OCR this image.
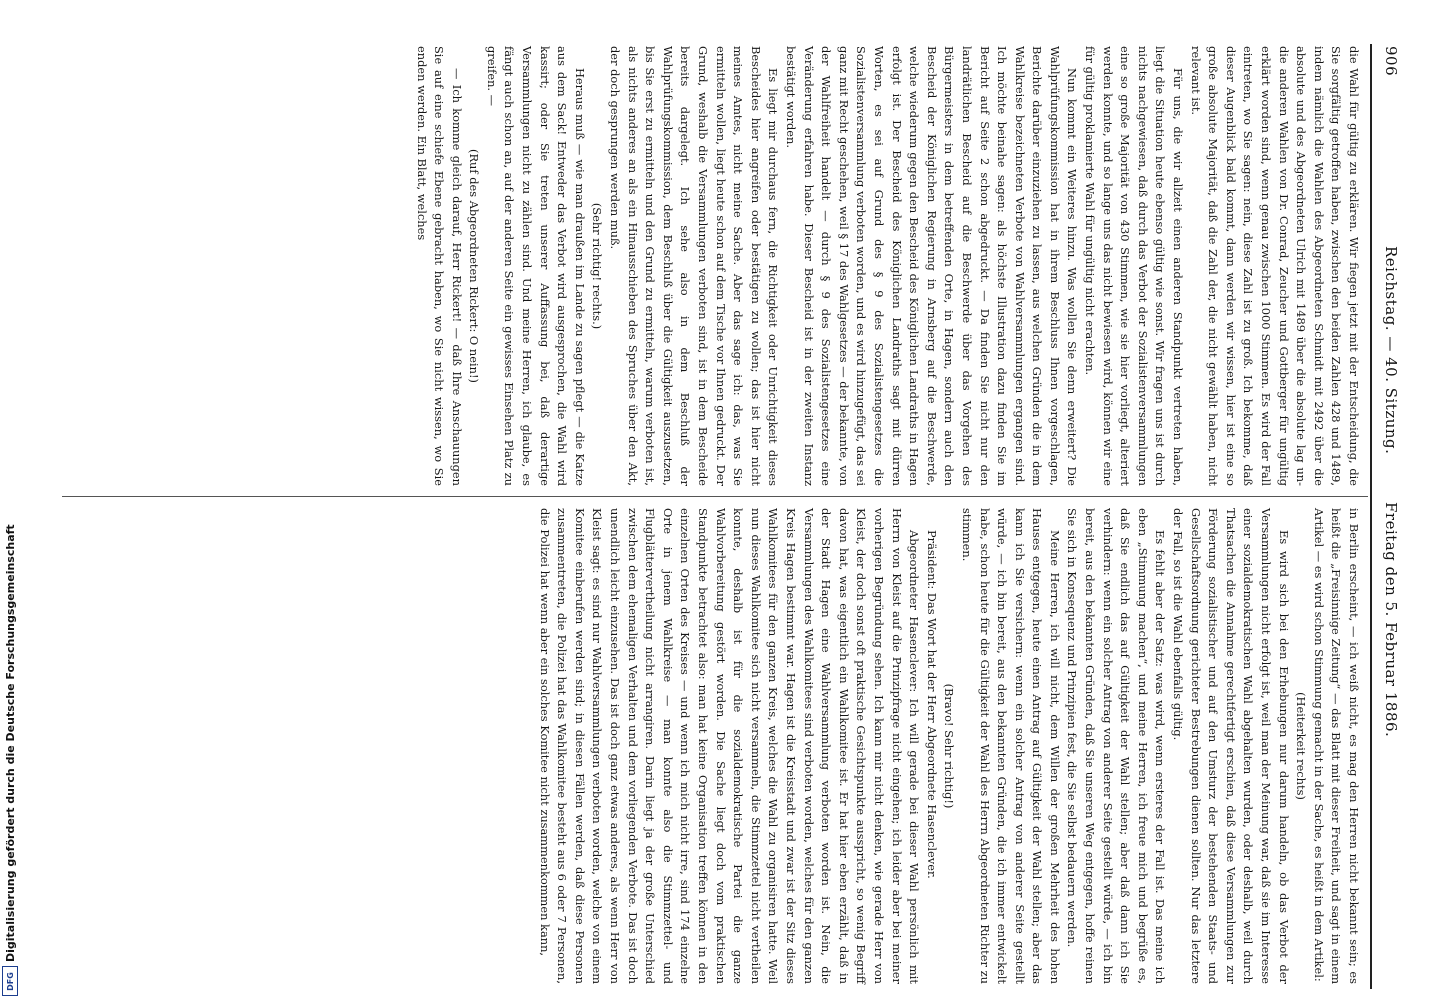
906
Reichstag. — 40. Sitzung.
Freitag den 5. Februar 1886.

die Wahl für gültig zu erklären. Wir fiegen jetzt mit der Entscheidung, die Sie sorgfältig getroffen haben, zwischen den beiden Zahlen 428 und 1489, indem nämlich die Wahlen des Abgeordneten Schmidt mit 2492 über die absolute und des Abgeordneten Ulrich mit 1489 über die absolute lag un- die anderen Wahlen von Dr. Conrad, Zeucher und Gottberger für ungültig erklärt worden sind, wenn genau zwischen 1000 Stimmen. Es wird der Fall eintreten, wo Sie sagen: nein, diese Zahl ist zu groß. Ich bekomme, daß dieser Augenblick bald kommt, dann werden wir wissen, hier ist eine so große absolute Majorität, daß die Zahl der, die nicht gewählt haben, nicht relevant ist.

Für uns, die wir allzeit einen anderen Standpunkt vertreten haben, liegt die Situation heute ebenso gültig wie sonst. Wir fragen uns ist durch nichts nachgewiesen, daß durch das Verbot der Sozialistenversammlungen eine so große Majorität von 430 Stimmen, wie sie hier vorliegt, alteriert werden konnte, und so lange uns das nicht bewiesen wird, können wir eine für gültig proklamierte Wahl für ungültig nicht erachten.

Nun kommt ein Weiteres hinzu. Was wollen Sie denn erweitert? Die Wahlprüfungskommission hat in ihrem Beschluss Ihnen vorgeschlagen, Berichte darüber einzuziehen zu lassen, aus welchen Gründen die in dem Wahlkreise bezeichneten Verbote von Wahlversammlungen ergangen sind. Ich möchte beinahe sagen: als höchste Illustration dazu finden Sie im Bericht auf Seite 2 schon abgedruckt. — Da finden Sie nicht nur den landrätlichen Bescheid auf die Beschwerde über das Vorgehen des Bürgermeisters in dem betreffenden Orte, in Hagen, sondern auch den Bescheid der Königlichen Regierung in Arnsberg auf die Beschwerde, welche wiederum gegen den Bescheid des Königlichen Landraths in Hagen erfolgt ist. Der Bescheid des Königlichen Landraths sagt mit dürren Worten, es sei auf Grund des § 9 des Sozialistengesetzes die Sozialistenversammlung verboten worden, und es wird hinzugefügt, das sei ganz mit Recht geschehen, weil § 17 des Wahlgesetzes — der bekannte, von der Wahlfreiheit handelt — durch § 9 des Sozialistengesetzes eine Veränderung erfahren habe. Dieser Bescheid ist in der zweiten Instanz bestätigt worden.

Es liegt mir durchaus fern, die Richtigkeit oder Unrichtigkeit dieses Bescheides hier angreifen oder bestätigen zu wollen; das ist hier nicht meines Amtes, nicht meine Sache. Aber das sage ich: das, was Sie ermitteln wollen, liegt heute schon auf dem Tische vor Ihnen gedruckt. Der Grund, weshalb die Versammlungen verboten sind, ist in dem Bescheide bereits dargelegt. Ich sehe also in dem Beschluß der Wahlprüfungskommission, dem Beschluß über die Gültigkeit auszusetzen, bis Sie erst zu ermitteln und den Grund zu ermitteln, warum verboten ist, als nichts anderes an als ein Hinausschieben des Spruches über den Akt, der doch gesprungen werden muß.

(Sehr richtig! rechts.)

Heraus muß — wie man draußen im Lande zu sagen pflegt — die Katze aus dem Sack! Entweder das Verbot wird ausgesprochen, die Wahl wird kassirt; oder Sie treten unserer Auffassung bei, daß derartige Versammlungen nicht zu zählen sind. Und meine Herren, ich glaube, es fängt auch schon an, auf der anderen Seite ein gewisses Einsehen Platz zu greifen. —

(Ruf des Abgeordneten Rickert: O nein!)

— Ich komme gleich darauf, Herr Rickert! — daß Ihre Anschauungen Sie auf eine schiefe Ebene gebracht haben, wo Sie nicht wissen, wo Sie enden werden. Ein Blatt, welches

in Berlin erscheint, — ich weiß nicht, es mag den Herren nicht bekannt sein; es heißt die „Freisinnige Zeitung“ — das Blatt mit dieser Freiheit, und sagt in einem Artikel — es wird schon Stimmung gemacht in der Sache, es heißt in dem Artikel:

(Heiterkeit rechts)

Es wird sich bei den Erhebungen nur darum handeln, ob das Verbot der Versammlungen nicht erfolgt ist, weil man der Meinung war, daß sie im Interesse einer sozialdemokratischen Wahl abgehalten wurden, oder deshalb, weil durch Thatsachen die Annahme gerechtfertigt erschien, daß diese Versammlungen zur Förderung sozialistischer und auf den Umsturz der bestehenden Staats- und Gesellschaftsordnung gerichteter Bestrebungen dienen sollten. Nur das letztere der Fall, so ist die Wahl ebenfalls gültig.

Es fehlt aber der Satz: was wird, wenn ersteres der Fall ist. Das meine ich eben „Stimmung machen“, und meine Herren, ich freue mich und begrüße es, daß Sie endlich das auf Gültigkeit der Wahl stellen; aber daß dann ich Sie verhindern: wenn ein solcher Antrag von anderer Seite gestellt würde, — ich bin bereit, aus den bekannten Gründen, daß Sie unseren Weg entgegen, hoffe reinen Sie sich in Konsequenz und Prinzipien fest, die Sie selbst bedauern werden.

Meine Herren, ich will nicht, dem Willen der großen Mehrheit des hohen Hauses entgegen, heute einen Antrag auf Gültigkeit der Wahl stellen; aber das kann ich Sie versichern: wenn ein solcher Antrag von anderer Seite gestellt würde, — ich bin bereit, aus den bekannten Gründen, die ich immer entwickelt habe, schon heute für die Gültigkeit der Wahl des Herrn Abgeordneten Richter zu stimmen.

(Bravo! Sehr richtig!)

Präsident: Das Wort hat der Herr Abgeordnete Hasenclever.

Abgeordneter Hasenclever: Ich will gerade bei dieser Wahl persönlich mit Herrn von Kleist auf die Prinzipfrage nicht eingehen; ich leider aber bei meiner vorherigen Begründung sehen. Ich kann mir nicht denken, wie gerade Herr von Kleist, der doch sonst oft praktische Gesichtspunkte ausspricht, so wenig Begriff davon hat, was eigentlich ein Wahlkomitee ist. Er hat hier eben erzählt, daß in der Stadt Hagen eine Wahlversammlung verboten worden ist. Nein, die Versammlungen des Wahlkomitees sind verboten worden, welches für den ganzen Kreis Hagen bestimmt war. Hagen ist die Kreisstadt und zwar ist der Sitz dieses Wahlkomitees für den ganzen Kreis, welches die Wahl zu organisiren hatte. Weil nun dieses Wahlkomitee sich nicht versammeln, die Stimmzettel nicht vertheilen konnte, deshalb ist für die sozialdemokratische Partei die ganze Wahlvorbereitung gestört worden. Die Sache liegt doch vom praktischen Standpunkte betrachtet also: man hat keine Organisation treffen können in den einzelnen Orten des Kreises — und wenn ich mich nicht irre, sind 174 einzelne Orte in jenem Wahlkreise — man konnte also die Stimmzettel- und Flugblättervertheilung nicht arrangiren. Darin liegt ja der große Unterschied zwischen dem ehemaligen Verhalten und dem vorliegenden Verbote. Das ist doch unendlich leicht einzusehen. Das ist doch ganz etwas anderes, als wenn Herr von Kleist sagt: es sind nur Wahlversammlungen verboten worden, welche von einem Komitee einberufen werden sind; in diesen Fällen werden, daß diese Personen zusammentreten, die Polizei hat das Wahlkomitee besteht aus 6 oder 7 Personen, die Polizei hat wenn aber ein solches Komitee nicht zusammenkommen kann,

Digitalisierung gefördert durch die Deutsche Forschungsgemeinschaft
DFG
